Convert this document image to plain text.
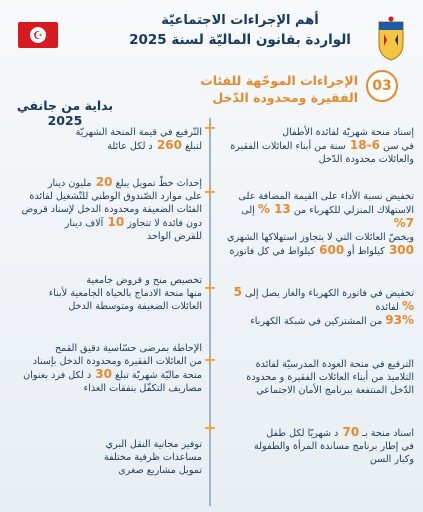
☪
أهم الإجراءات الاجتماعيّة
الواردة بقانون الماليّة لسنة 2025
03
الإجراءات الموجّهة للفئات
الفقيرة ومحدودة الدّخل
بداية من جانفي 2025
إسناد منحة شهريّة لفائدة الأطفال
في سن 6-18 سنة من أبناء العائلات الفقيرة
والعائلات محدودة الدّخل
تخفيض نسبة الأداء على القيمة المضافة على
الاستهلاك المنزلي للكهرباء من 13 % إلى 7%
ويخصّ العائلات التي لا يتجاوز استهلاكها الشهري
300 كيلواط أو 600 كيلواط في كل فاتورة
تخفيض في فاتورة الكهرباء والغاز يصل إلى 5 % لفائدة
93% من المشتركين في شبكة الكهرباء
الترفيع في منحة العودة المدرسيّة لفائدة
التلاميذ من أبناء العائلات الفقيرة و محدودة
الدّخل المنتفعة ببرنامج الأمان الاجتماعي
اسناد منحة بـ 70 د شهريّا لكل طفل
في إطار برنامج مساندة المرأة والطفولة
وكبار السن
التّرفيع في قيمة المنحة الشهريّة
لتبلغ 260 د لكل عائلة
إحداث خطّ تمويل يبلغ 20 مليون دينار
على موارد الصّندوق الوطني للتّشغيل لفائدة
الفئات الضعيفة ومحدودة الدخل لإسناد قروض
دون فائدة لا تتجاوز 10 آلاف دينار
للقرض الواحد
تخصيص منح و قروض جامعية
منها منحة الادماج بالحياة الجامعية لأبناء
العائلات الضعيفة ومتوسطة الدخل
الإحاطة بمرضى حسّاسية دقيق القمح
من العائلات الفقيرة ومحدودة الدخل بإسناد
منحة ماليّة شهريّة تبلغ 30 د لكل فرد بعنوان
مصاريف التكفّل بنفقات الغذاء
توفير مجانية النقل البري
مساعدات ظرفية مختلفة
تمويل مشاريع صغرى
+
+
+
+
+
